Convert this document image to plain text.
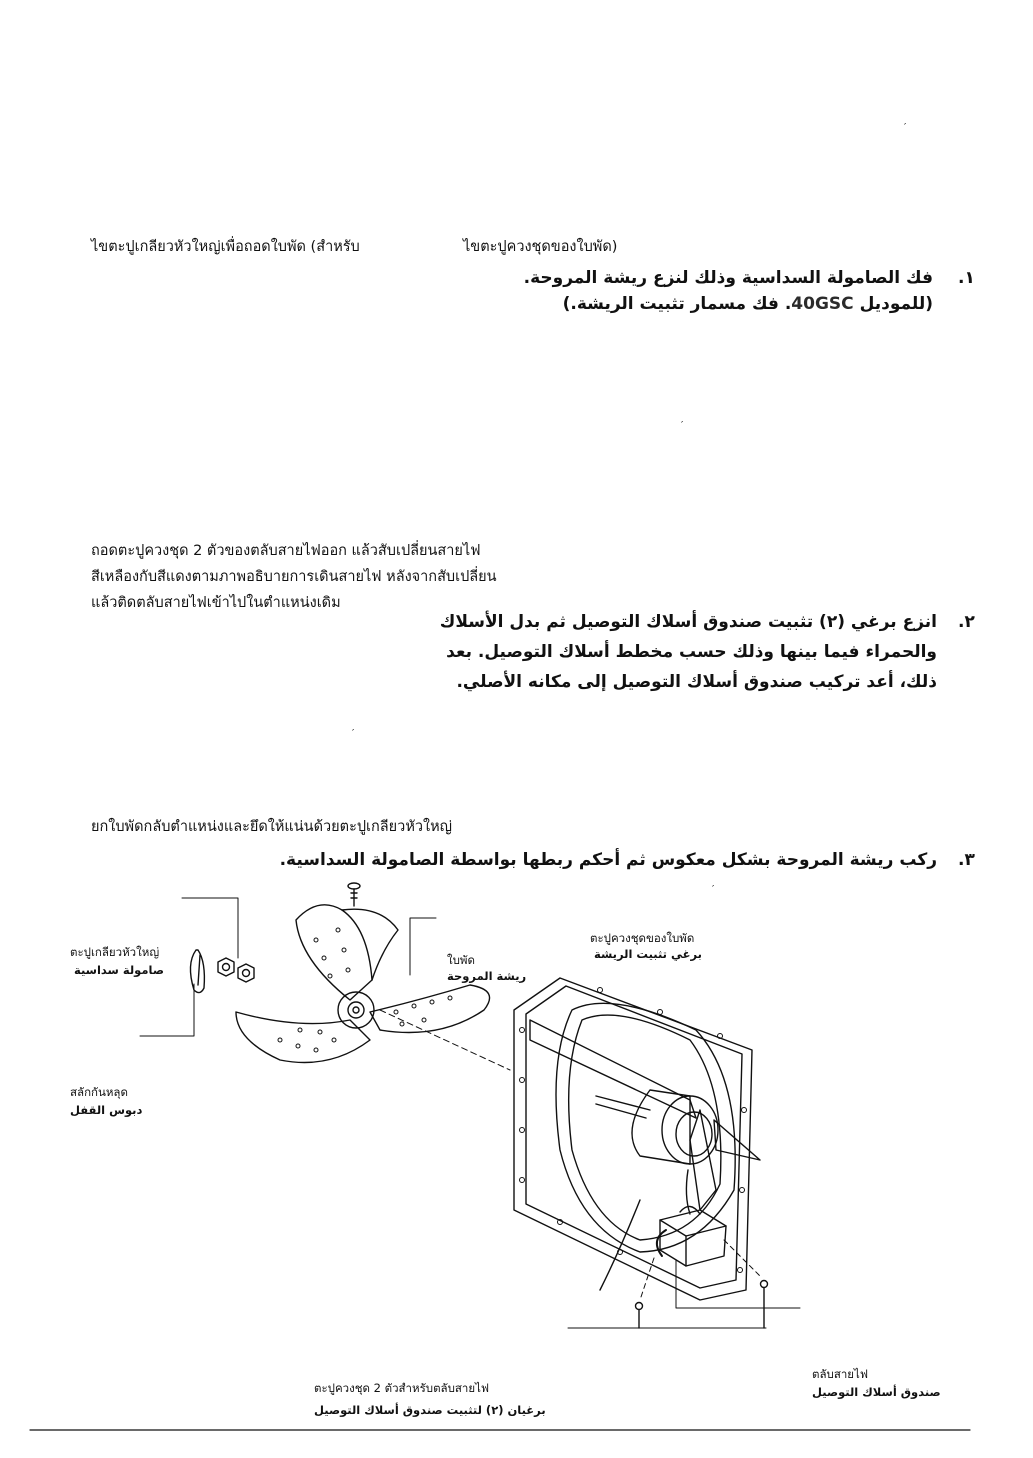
′
′
′
′
ไขตะปูเกลียวหัวใหญ่เพื่อถอดใบพัด (สำหรับ	ไขตะปูควงชุดของใบพัด)
.١
فك الصامولة السداسية وذلك لنزع ريشة المروحة.
(للموديل 40GSC. فك مسمار تثبيت الريشة.)
ถอดตะปูควงชุด 2 ตัวของตลับสายไฟออก แล้วสับเปลี่ยนสายไฟ
สีเหลืองกับสีแดงตามภาพอธิบายการเดินสายไฟ หลังจากสับเปลี่ยน
แล้วติดตลับสายไฟเข้าไปในตำแหน่งเดิม
.٢
انزع برغي (٢) تثبيت صندوق أسلاك التوصيل ثم بدل الأسلاك
والحمراء فيما بينها وذلك حسب مخطط أسلاك التوصيل. بعد
ذلك، أعد تركيب صندوق أسلاك التوصيل إلى مكانه الأصلي.
ยกใบพัดกลับตำแหน่งและยึดให้แน่นด้วยตะปูเกลียวหัวใหญ่
.٣
ركب ريشة المروحة بشكل معكوس ثم أحكم ربطها بواسطة الصامولة السداسية.
ตะปูเกลียวหัวใหญ่
صامولة سداسية
สลักกันหลุด
دبوس القفل
ใบพัด
ريشة المروحة
ตะปูควงชุดของใบพัด
برغي تثبيت الريشة
ตะปูควงชุด 2 ตัวสำหรับตลับสายไฟ
برغيان (٢) لتثبيت صندوق أسلاك التوصيل
ตลับสายไฟ
صندوق أسلاك التوصيل
